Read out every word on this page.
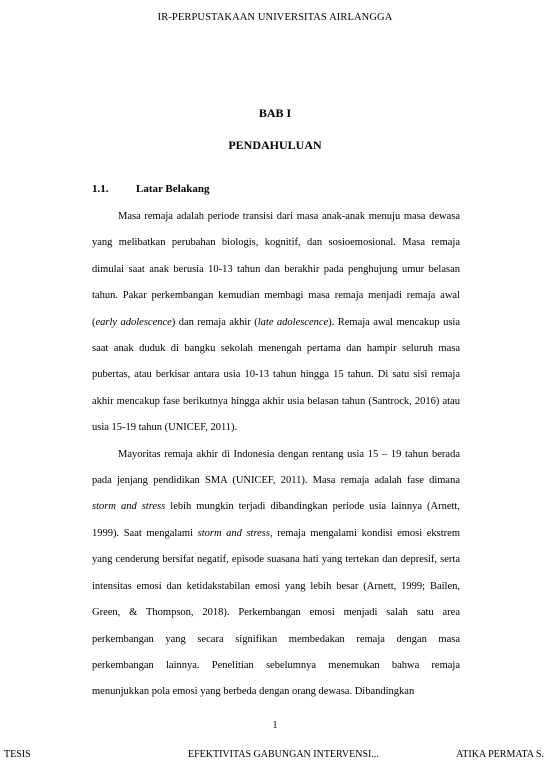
IR-PERPUSTAKAAN UNIVERSITAS AIRLANGGA
BAB I
PENDAHULUAN
1.1.	Latar Belakang

Masa remaja adalah periode transisi dari masa anak-anak menuju masa dewasa yang melibatkan perubahan biologis, kognitif, dan sosioemosional. Masa remaja dimulai saat anak berusia 10-13 tahun dan berakhir pada penghujung umur belasan tahun. Pakar perkembangan kemudian membagi masa remaja menjadi remaja awal (early adolescence) dan remaja akhir (late adolescence). Remaja awal mencakup usia saat anak duduk di bangku sekolah menengah pertama dan hampir seluruh masa pubertas, atau berkisar antara usia 10-13 tahun hingga 15 tahun. Di satu sisi remaja akhir mencakup fase berikutnya hingga akhir usia belasan tahun (Santrock, 2016) atau usia 15-19 tahun (UNICEF, 2011).

Mayoritas remaja akhir di Indonesia dengan rentang usia 15 – 19 tahun berada pada jenjang pendidikan SMA (UNICEF, 2011). Masa remaja adalah fase dimana storm and stress lebih mungkin terjadi dibandingkan periode usia lainnya (Arnett, 1999). Saat mengalami storm and stress, remaja mengalami kondisi emosi ekstrem yang cenderung bersifat negatif, episode suasana hati yang tertekan dan depresif, serta intensitas emosi dan ketidakstabilan emosi yang lebih besar (Arnett, 1999; Bailen, Green, & Thompson, 2018). Perkembangan emosi menjadi salah satu area perkembangan yang secara signifikan membedakan remaja dengan masa perkembangan lainnya. Penelitian sebelumnya menemukan bahwa remaja menunjukkan pola emosi yang berbeda dengan orang dewasa. Dibandingkan

1
TESIS	EFEKTIVITAS GABUNGAN INTERVENSI...	ATIKA PERMATA S.
